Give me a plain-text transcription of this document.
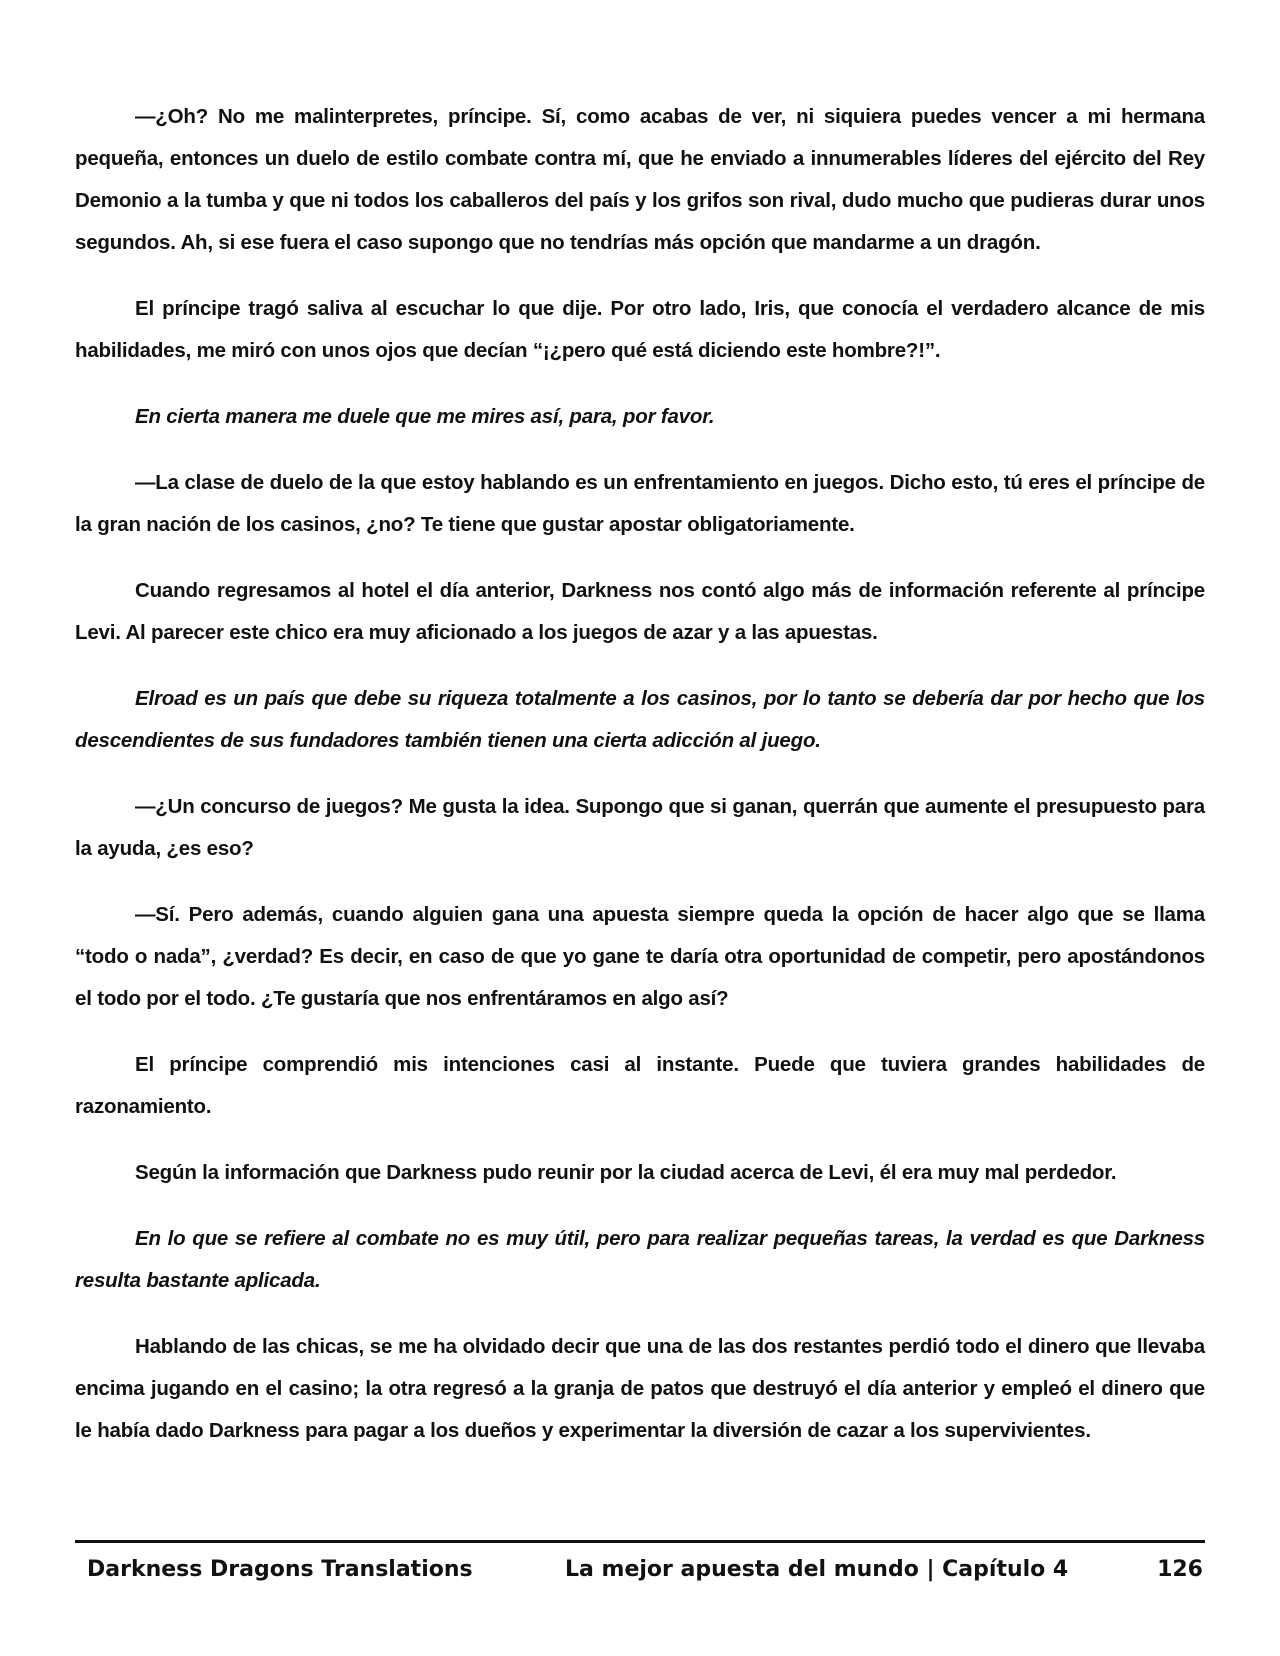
—¿Oh? No me malinterpretes, príncipe. Sí, como acabas de ver, ni siquiera puedes vencer a mi hermana pequeña, entonces un duelo de estilo combate contra mí, que he enviado a innumerables líderes del ejército del Rey Demonio a la tumba y que ni todos los caballeros del país y los grifos son rival, dudo mucho que pudieras durar unos segundos. Ah, si ese fuera el caso supongo que no tendrías más opción que mandarme a un dragón.

El príncipe tragó saliva al escuchar lo que dije. Por otro lado, Iris, que conocía el verdadero alcance de mis habilidades, me miró con unos ojos que decían “¡¿pero qué está diciendo este hombre?!”.

En cierta manera me duele que me mires así, para, por favor.

—La clase de duelo de la que estoy hablando es un enfrentamiento en juegos. Dicho esto, tú eres el príncipe de la gran nación de los casinos, ¿no? Te tiene que gustar apostar obligatoriamente.

Cuando regresamos al hotel el día anterior, Darkness nos contó algo más de información referente al príncipe Levi. Al parecer este chico era muy aficionado a los juegos de azar y a las apuestas.

Elroad es un país que debe su riqueza totalmente a los casinos, por lo tanto se debería dar por hecho que los descendientes de sus fundadores también tienen una cierta adicción al juego.

—¿Un concurso de juegos? Me gusta la idea. Supongo que si ganan, querrán que aumente el presupuesto para la ayuda, ¿es eso?

—Sí. Pero además, cuando alguien gana una apuesta siempre queda la opción de hacer algo que se llama “todo o nada”, ¿verdad? Es decir, en caso de que yo gane te daría otra oportunidad de competir, pero apostándonos el todo por el todo. ¿Te gustaría que nos enfrentáramos en algo así?

El príncipe comprendió mis intenciones casi al instante. Puede que tuviera grandes habilidades de razonamiento.

Según la información que Darkness pudo reunir por la ciudad acerca de Levi, él era muy mal perdedor.

En lo que se refiere al combate no es muy útil, pero para realizar pequeñas tareas, la verdad es que Darkness resulta bastante aplicada.

Hablando de las chicas, se me ha olvidado decir que una de las dos restantes perdió todo el dinero que llevaba encima jugando en el casino; la otra regresó a la granja de patos que destruyó el día anterior y empleó el dinero que le había dado Darkness para pagar a los dueños y experimentar la diversión de cazar a los supervivientes.

Darkness Dragons Translations	La mejor apuesta del mundo | Capítulo 4	126
